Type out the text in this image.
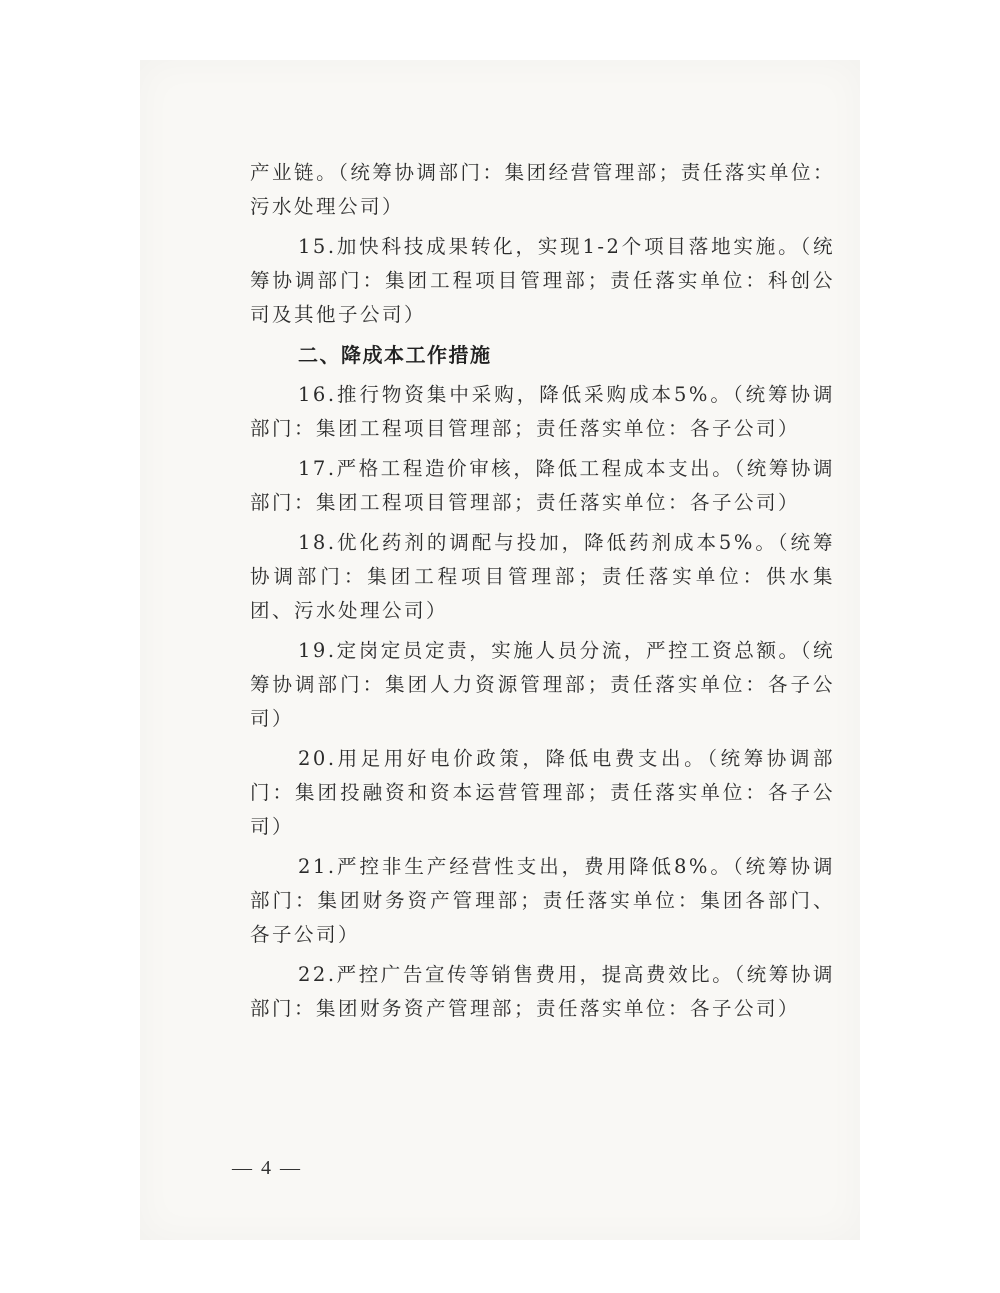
产业链。（统筹协调部门：集团经营管理部；责任落实单位：污水处理公司）

15.加快科技成果转化，实现1-2个项目落地实施。（统筹协调部门：集团工程项目管理部；责任落实单位：科创公司及其他子公司）

二、降成本工作措施

16.推行物资集中采购，降低采购成本5%。（统筹协调部门：集团工程项目管理部；责任落实单位：各子公司）

17.严格工程造价审核，降低工程成本支出。（统筹协调部门：集团工程项目管理部；责任落实单位：各子公司）

18.优化药剂的调配与投加，降低药剂成本5%。（统筹协调部门：集团工程项目管理部；责任落实单位：供水集团、污水处理公司）

19.定岗定员定责，实施人员分流，严控工资总额。（统筹协调部门：集团人力资源管理部；责任落实单位：各子公司）

20.用足用好电价政策，降低电费支出。（统筹协调部门：集团投融资和资本运营管理部；责任落实单位：各子公司）

21.严控非生产经营性支出，费用降低8%。（统筹协调部门：集团财务资产管理部；责任落实单位：集团各部门、各子公司）

22.严控广告宣传等销售费用，提高费效比。（统筹协调部门：集团财务资产管理部；责任落实单位：各子公司）

— 4 —
